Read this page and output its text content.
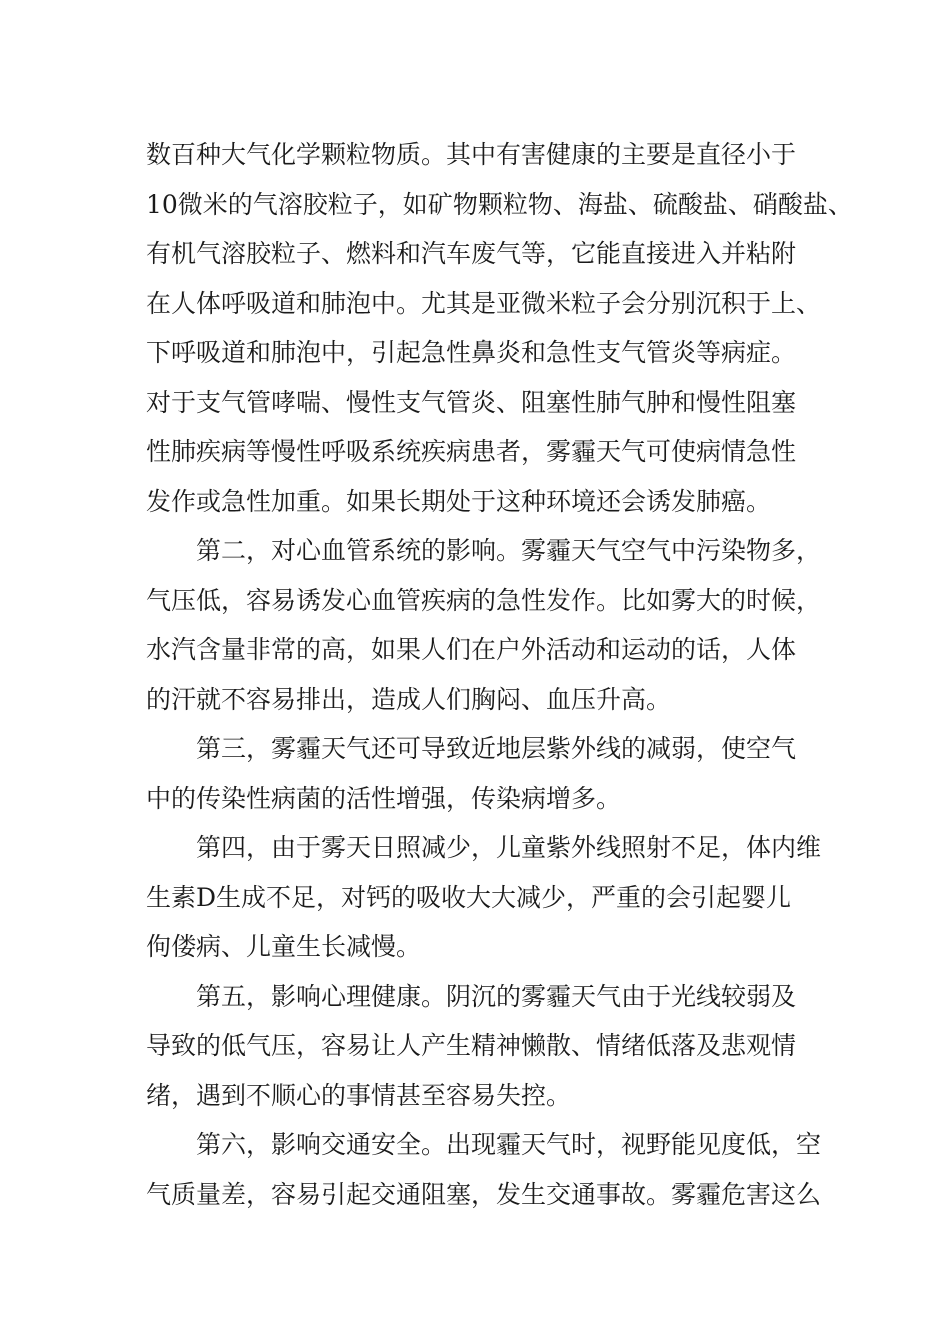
数百种大气化学颗粒物质。其中有害健康的主要是直径小于

10微米的气溶胶粒子，如矿物颗粒物、海盐、硫酸盐、硝酸盐、

有机气溶胶粒子、燃料和汽车废气等，它能直接进入并粘附

在人体呼吸道和肺泡中。尤其是亚微米粒子会分别沉积于上、

下呼吸道和肺泡中，引起急性鼻炎和急性支气管炎等病症。

对于支气管哮喘、慢性支气管炎、阻塞性肺气肿和慢性阻塞

性肺疾病等慢性呼吸系统疾病患者，雾霾天气可使病情急性

发作或急性加重。如果长期处于这种环境还会诱发肺癌。

第二，对心血管系统的影响。雾霾天气空气中污染物多，

气压低，容易诱发心血管疾病的急性发作。比如雾大的时候，

水汽含量非常的高，如果人们在户外活动和运动的话，人体

的汗就不容易排出，造成人们胸闷、血压升高。

第三，雾霾天气还可导致近地层紫外线的减弱，使空气

中的传染性病菌的活性增强，传染病增多。

第四，由于雾天日照减少，儿童紫外线照射不足，体内维

生素D生成不足，对钙的吸收大大减少，严重的会引起婴儿

佝偻病、儿童生长减慢。

第五，影响心理健康。阴沉的雾霾天气由于光线较弱及

导致的低气压，容易让人产生精神懒散、情绪低落及悲观情

绪，遇到不顺心的事情甚至容易失控。

第六，影响交通安全。出现霾天气时，视野能见度低，空

气质量差，容易引起交通阻塞，发生交通事故。雾霾危害这么
